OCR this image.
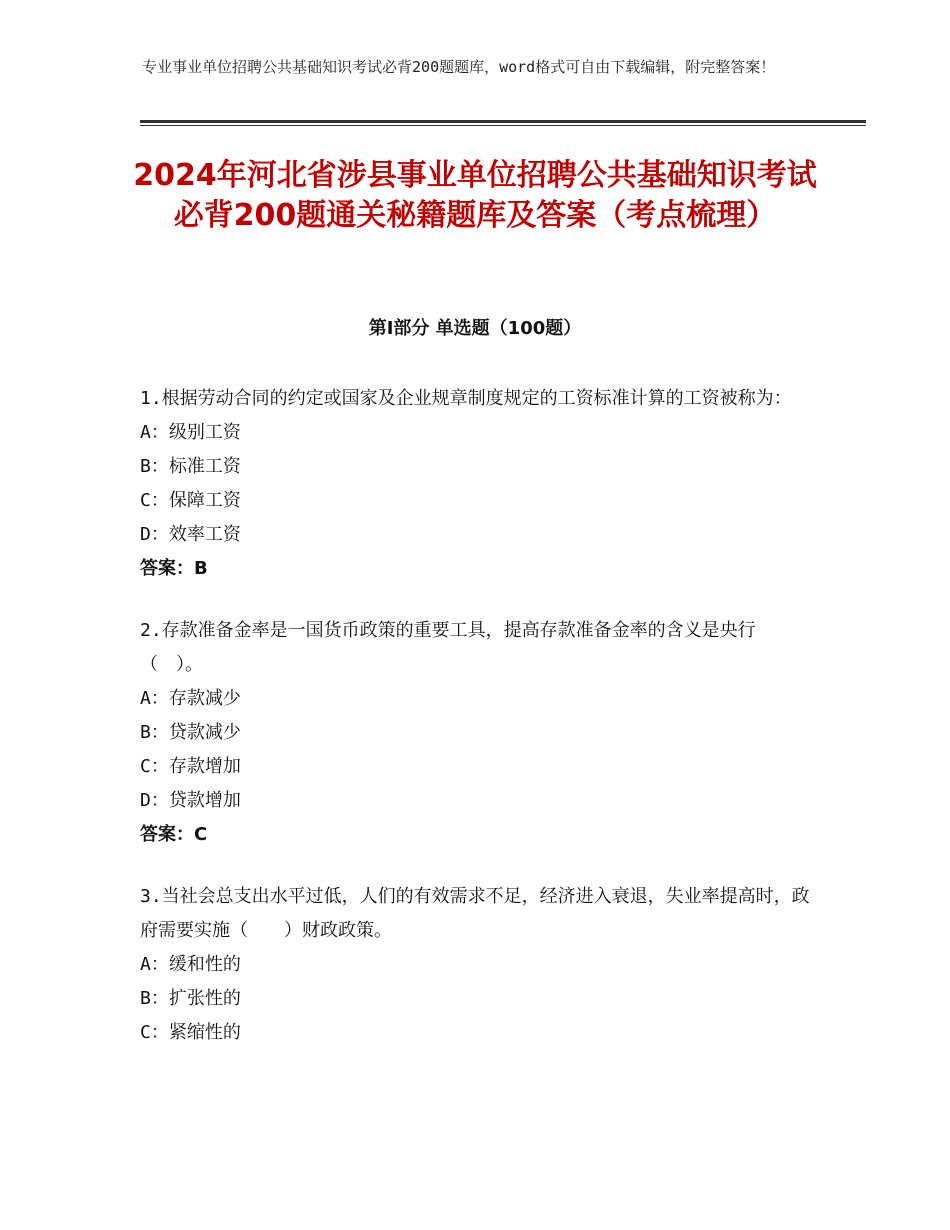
专业事业单位招聘公共基础知识考试必背200题题库，word格式可自由下载编辑，附完整答案！
2024年河北省涉县事业单位招聘公共基础知识考试必背200题通关秘籍题库及答案（考点梳理）
第Ⅰ部分 单选题（100题）
1.根据劳动合同的约定或国家及企业规章制度规定的工资标准计算的工资被称为：
A：级别工资
B：标准工资
C：保障工资
D：效率工资
答案：B
2.存款准备金率是一国货币政策的重要工具，提高存款准备金率的含义是央行（　）。
A：存款减少
B：贷款减少
C：存款增加
D：贷款增加
答案：C
3.当社会总支出水平过低，人们的有效需求不足，经济进入衰退，失业率提高时，政府需要实施（　　）财政政策。
A：缓和性的
B：扩张性的
C：紧缩性的
